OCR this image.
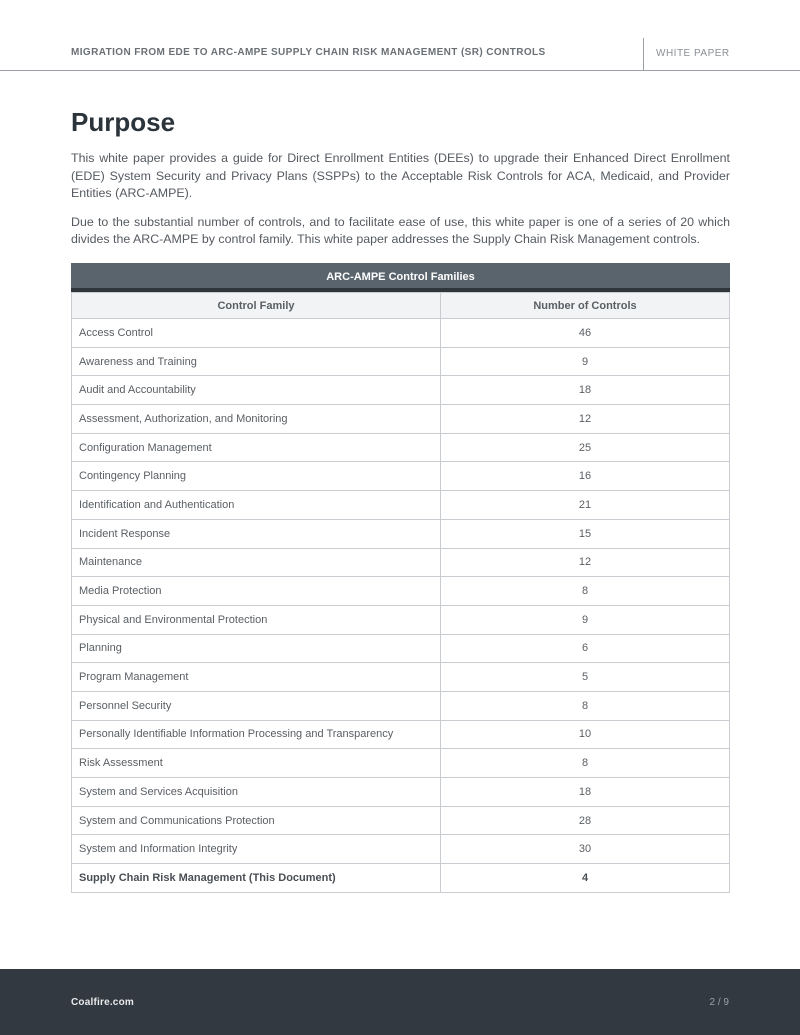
MIGRATION FROM EDE TO ARC-AMPE SUPPLY CHAIN RISK MANAGEMENT (SR) CONTROLS	WHITE PAPER
Purpose

This white paper provides a guide for Direct Enrollment Entities (DEEs) to upgrade their Enhanced Direct Enrollment (EDE) System Security and Privacy Plans (SSPPs) to the Acceptable Risk Controls for ACA, Medicaid, and Provider Entities (ARC-AMPE).

Due to the substantial number of controls, and to facilitate ease of use, this white paper is one of a series of 20 which divides the ARC-AMPE by control family. This white paper addresses the Supply Chain Risk Management controls.

ARC-AMPE Control Families
Control Family	Number of Controls
Access Control	46
Awareness and Training	9
Audit and Accountability	18
Assessment, Authorization, and Monitoring	12
Configuration Management	25
Contingency Planning	16
Identification and Authentication	21
Incident Response	15
Maintenance	12
Media Protection	8
Physical and Environmental Protection	9
Planning	6
Program Management	5
Personnel Security	8
Personally Identifiable Information Processing and Transparency	10
Risk Assessment	8
System and Services Acquisition	18
System and Communications Protection	28
System and Information Integrity	30
Supply Chain Risk Management (This Document)	4
Coalfire.com	2 / 9
